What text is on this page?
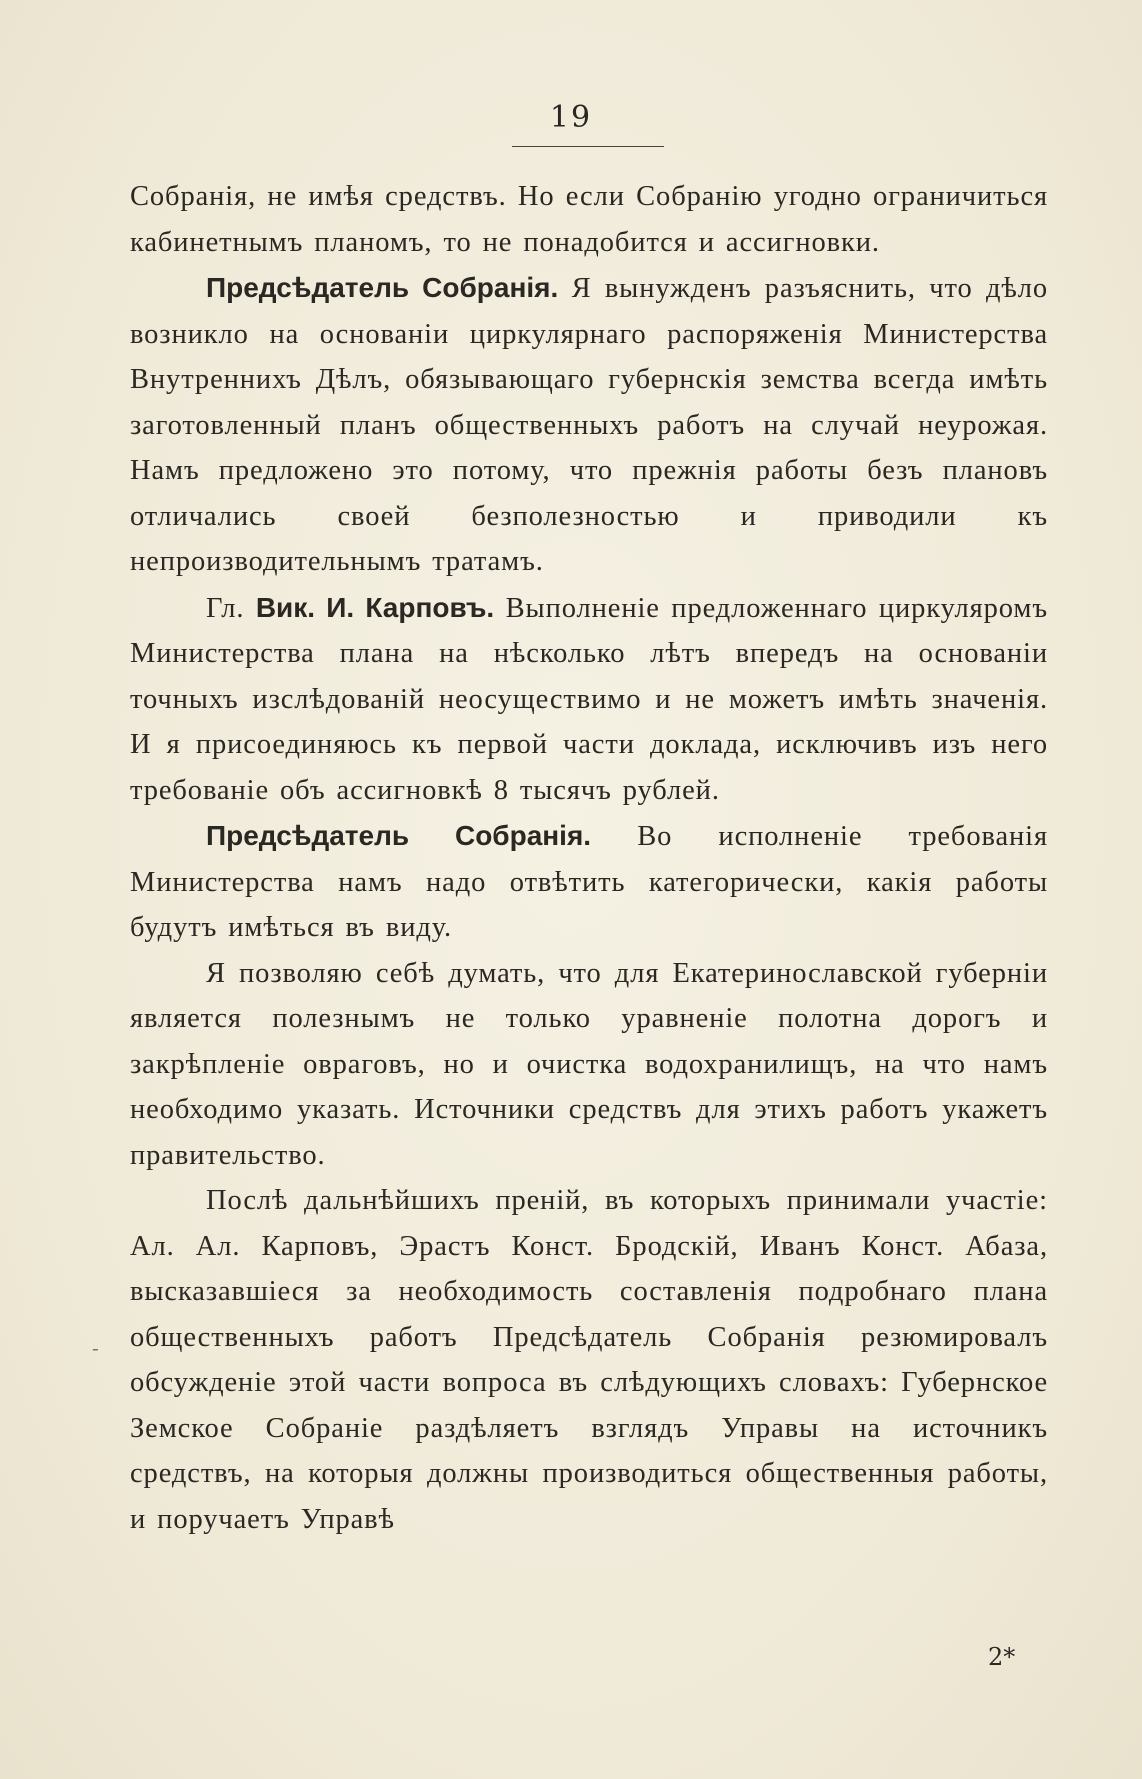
19

Собранія, не имѣя средствъ. Но если Собранію угодно ограничиться кабинетнымъ планомъ, то не понадобится и ассигновки.

Предсѣдатель Собранія. Я вынужденъ разъяснить, что дѣло возникло на основаніи циркулярнаго распоряженія Министерства Внутреннихъ Дѣлъ, обязывающаго губернскія земства всегда имѣть заготовленный планъ общественныхъ работъ на случай неурожая. Намъ предложено это потому, что прежнія работы безъ плановъ отличались своей безполезностью и приводили къ непроизводительнымъ тратамъ.

Гл. Вик. И. Карповъ. Выполненіе предложеннаго циркуляромъ Министерства плана на нѣсколько лѣтъ впередъ на основаніи точныхъ изслѣдованій неосуществимо и не можетъ имѣть значенія. И я присоединяюсь къ первой части доклада, исключивъ изъ него требованіе объ ассигновкѣ 8 тысячъ рублей.

Предсѣдатель Собранія. Во исполненіе требованія Министерства намъ надо отвѣтить категорически, какія работы будутъ имѣться въ виду.

Я позволяю себѣ думать, что для Екатеринославской губерніи является полезнымъ не только уравненіе полотна дорогъ и закрѣпленіе овраговъ, но и очистка водохранилищъ, на что намъ необходимо указать. Источники средствъ для этихъ работъ укажетъ правительство.

Послѣ дальнѣйшихъ преній, въ которыхъ принимали участіе: Ал. Ал. Карповъ, Эрастъ Конст. Бродскій, Иванъ Конст. Абаза, высказавшіеся за необходимость составленія подробнаго плана общественныхъ работъ Предсѣдатель Собранія резюмировалъ обсужденіе этой части вопроса въ слѣдующихъ словахъ: Губернское Земское Собраніе раздѣляетъ взглядъ Управы на источникъ средствъ, на которыя должны производиться общественныя работы, и поручаетъ Управѣ

-
2*
